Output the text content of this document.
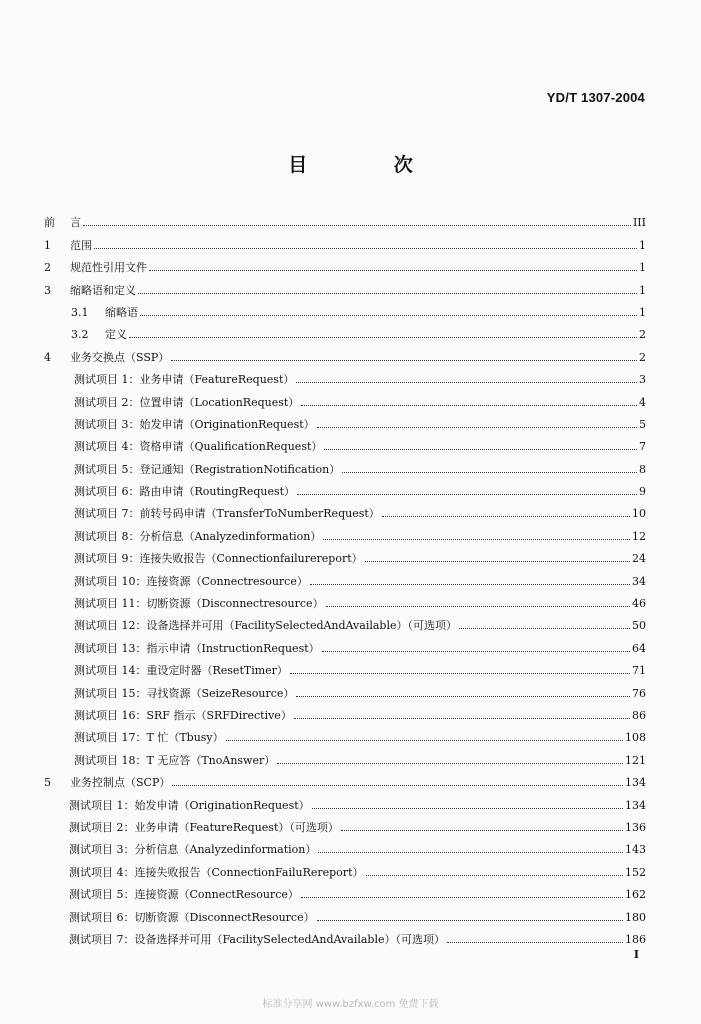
YD/T 1307-2004
目 次
前	言	III
1	范围	1
2	规范性引用文件	1
3	缩略语和定义	1
3.1	缩略语	1
3.2	定义	2
4	业务交换点（SSP）	2
测试项目 1：业务申请（FeatureRequest）	3
测试项目 2：位置申请（LocationRequest）	4
测试项目 3：始发申请（OriginationRequest）	5
测试项目 4：资格申请（QualificationRequest）	7
测试项目 5：登记通知（RegistrationNotification）	8
测试项目 6：路由申请（RoutingRequest）	9
测试项目 7：前转号码申请（TransferToNumberRequest）	10
测试项目 8：分析信息（Analyzedinformation）	12
测试项目 9：连接失败报告（Connectionfailurereport）	24
测试项目 10：连接资源（Connectresource）	34
测试项目 11：切断资源（Disconnectresource）	46
测试项目 12：设备选择并可用（FacilitySelectedAndAvailable）（可选项）	50
测试项目 13：指示申请（InstructionRequest）	64
测试项目 14：重设定时器（ResetTimer）	71
测试项目 15：寻找资源（SeizeResource）	76
测试项目 16：SRF 指示（SRFDirective）	86
测试项目 17：T 忙（Tbusy）	108
测试项目 18：T 无应答（TnoAnswer）	121
5	业务控制点（SCP）	134
测试项目 1：始发申请（OriginationRequest）	134
测试项目 2：业务申请（FeatureRequest）（可选项）	136
测试项目 3：分析信息（Analyzedinformation）	143
测试项目 4：连接失败报告（ConnectionFailuRereport）	152
测试项目 5：连接资源（ConnectResource）	162
测试项目 6：切断资源（DisconnectResource）	180
测试项目 7：设备选择并可用（FacilitySelectedAndAvailable）（可选项）	186
I
标准分享网 www.bzfxw.com 免费下载
